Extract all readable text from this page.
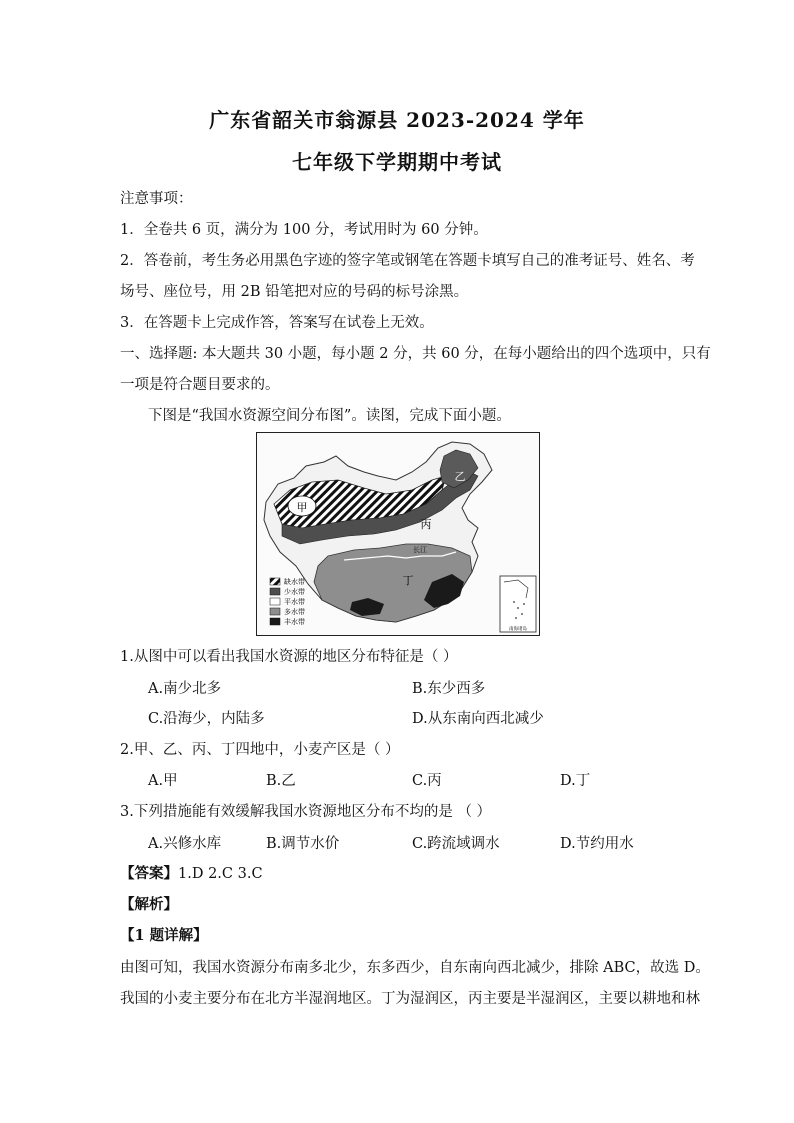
广东省韶关市翁源县 2023-2024 学年
七年级下学期期中考试
注意事项：
1．全卷共 6 页，满分为 100 分，考试用时为 60 分钟。
2．答卷前，考生务必用黑色字迹的签字笔或钢笔在答题卡填写自己的准考证号、姓名、考
场号、座位号，用 2B 铅笔把对应的号码的标号涂黑。
3．在答题卡上完成作答，答案写在试卷上无效。
一、选择题: 本大题共 30 小题，每小题 2 分，共 60 分，在每小题给出的四个选项中，只有
一项是符合题目要求的。
下图是“我国水资源空间分布图”。读图，完成下面小题。
甲
乙
丙
丁
长江
南海诸岛
缺水带
少水带
平水带
多水带
丰水带
1.从图中可以看出我国水资源的地区分布特征是（ ）
A.南少北多	B.东少西多
C.沿海少，内陆多	D.从东南向西北减少
2.甲、乙、丙、丁四地中，小麦产区是（ ）
A.甲	B.乙	C.丙	D.丁
3.下列措施能有效缓解我国水资源地区分布不均的是 （ ）
A.兴修水库	B.调节水价	C.跨流域调水	D.节约用水
【答案】1.D 2.C 3.C
【解析】
【1 题详解】
由图可知，我国水资源分布南多北少，东多西少，自东南向西北减少，排除 ABC，故选 D。
我国的小麦主要分布在北方半湿润地区。丁为湿润区，丙主要是半湿润区，主要以耕地和林
